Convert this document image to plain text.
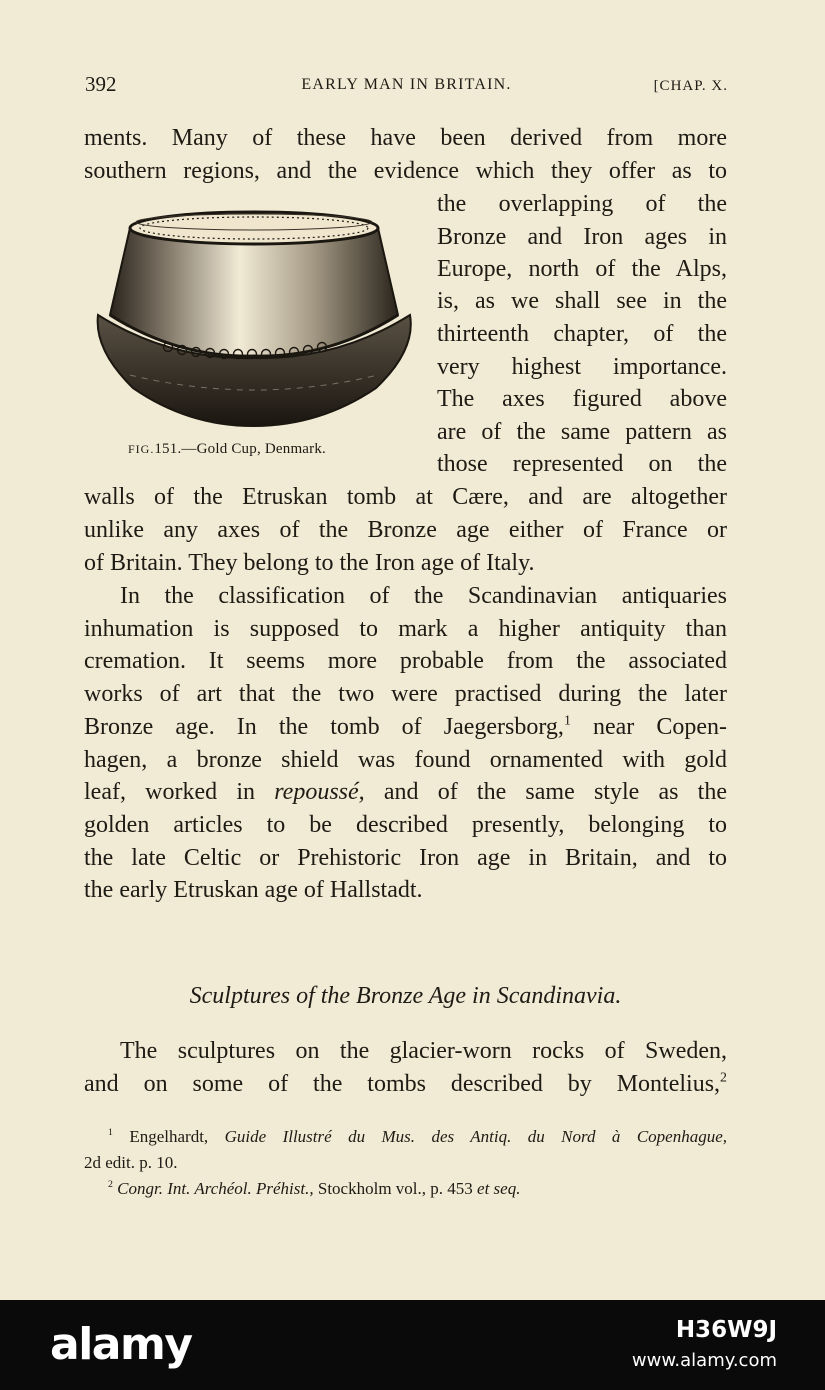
392	EARLY MAN IN BRITAIN.	[CHAP. X.
ments. Many of these have been derived from more
southern regions, and the evidence which they offer as to
the overlapping of the
Bronze and Iron ages in
Europe, north of the Alps,
is, as we shall see in the
thirteenth chapter, of the
very highest importance.
The axes figured above
are of the same pattern as
those represented on the
walls of the Etruskan tomb at Cære, and are altogether
unlike any axes of the Bronze age either of France or
of Britain. They belong to the Iron age of Italy.
In the classification of the Scandinavian antiquaries
inhumation is supposed to mark a higher antiquity than
cremation. It seems more probable from the associated
works of art that the two were practised during the later
Bronze age. In the tomb of Jaegersborg,$^1$ near Copen-
hagen, a bronze shield was found ornamented with gold
leaf, worked in repoussé, and of the same style as the
golden articles to be described presently, belonging to
the late Celtic or Prehistoric Iron age in Britain, and to
the early Etruskan age of Hallstadt.
FIG.151.—Gold Cup, Denmark.
Sculptures of the Bronze Age in Scandinavia.
The sculptures on the glacier-worn rocks of Sweden,
and on some of the tombs described by Montelius,$^2$
$^1$ Engelhardt, Guide Illustré du Mus. des Antiq. du Nord à Copenhague,
2d edit. p. 10.
$^2$ Congr. Int. Archéol. Préhist., Stockholm vol., p. 453 et seq.
alamy	H36W9J
www.alamy.com
